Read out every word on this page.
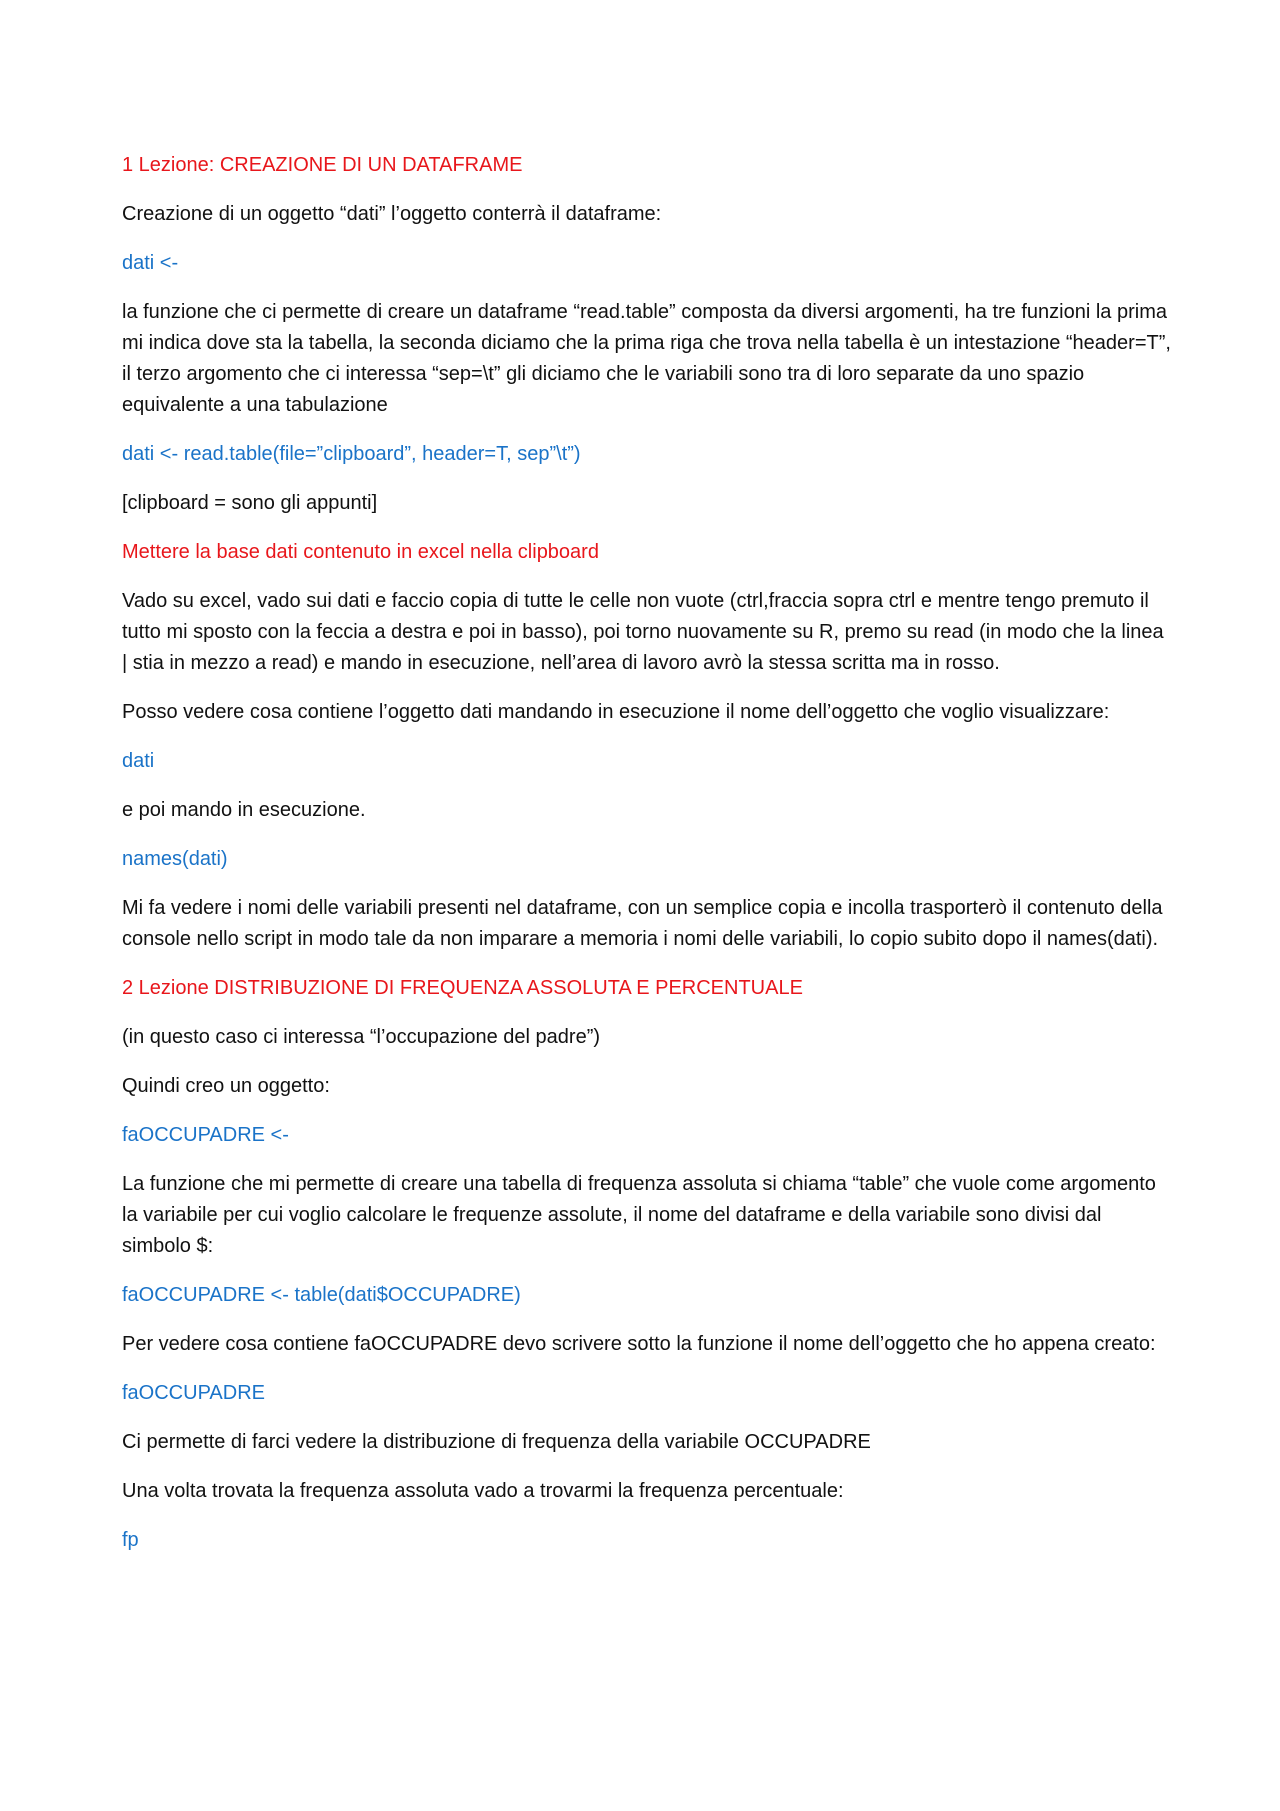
1 Lezione: CREAZIONE DI UN DATAFRAME

Creazione di un oggetto “dati” l’oggetto conterrà il dataframe:

dati <-

la funzione che ci permette di creare un dataframe “read.table” composta da diversi argomenti, ha tre funzioni la prima mi indica dove sta la tabella, la seconda diciamo che la prima riga che trova nella tabella è un intestazione “header=T”, il terzo argomento che ci interessa “sep=\t” gli diciamo che le variabili sono tra di loro separate da uno spazio equivalente a una tabulazione

dati <- read.table(file=”clipboard”, header=T, sep”\t”)

[clipboard = sono gli appunti]

Mettere la base dati contenuto in excel nella clipboard

Vado su excel, vado sui dati e faccio copia di tutte le celle non vuote (ctrl,fraccia sopra ctrl e mentre tengo premuto il tutto mi sposto con la feccia a destra e poi in basso), poi torno nuovamente su R, premo su read (in modo che la linea | stia in mezzo a read) e mando in esecuzione, nell’area di lavoro avrò la stessa scritta ma in rosso.

Posso vedere cosa contiene l’oggetto dati mandando in esecuzione il nome dell’oggetto che voglio visualizzare:

dati

e poi mando in esecuzione.

names(dati)

Mi fa vedere i nomi delle variabili presenti nel dataframe, con un semplice copia e incolla trasporterò il contenuto della console nello script in modo tale da non imparare a memoria i nomi delle variabili, lo copio subito dopo il names(dati).

2 Lezione DISTRIBUZIONE DI FREQUENZA ASSOLUTA E PERCENTUALE

(in questo caso ci interessa “l’occupazione del padre”)

Quindi creo un oggetto:

faOCCUPADRE <-

La funzione che mi permette di creare una tabella di frequenza assoluta si chiama “table” che vuole come argomento la variabile per cui voglio calcolare le frequenze assolute, il nome del dataframe e della variabile sono divisi dal simbolo $:

faOCCUPADRE <- table(dati$OCCUPADRE)

Per vedere cosa contiene faOCCUPADRE devo scrivere sotto la funzione il nome dell’oggetto che ho appena creato:

faOCCUPADRE

Ci permette di farci vedere la distribuzione di frequenza della variabile OCCUPADRE

Una volta trovata la frequenza assoluta vado a trovarmi la frequenza percentuale:

fp
